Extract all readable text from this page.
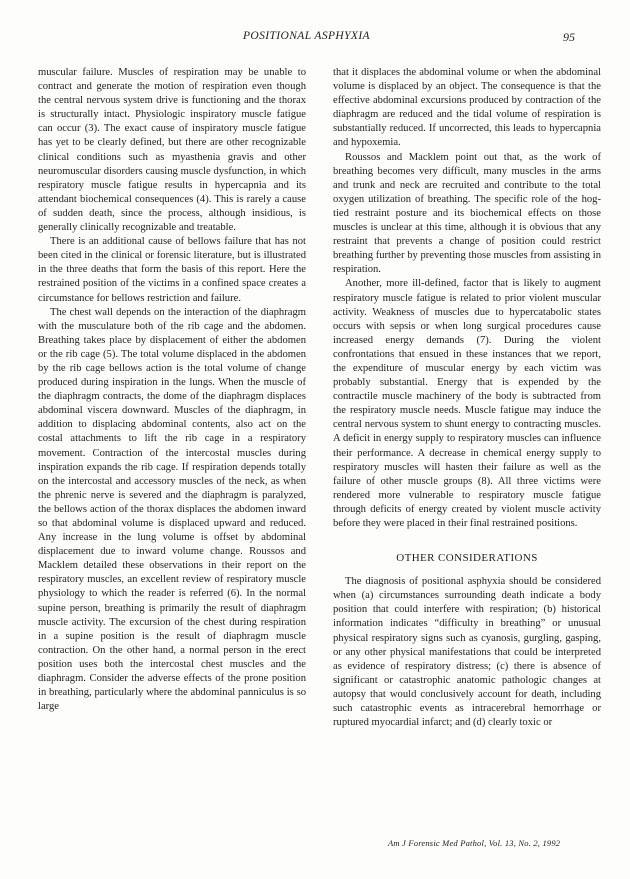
POSITIONAL ASPHYXIA	95

muscular failure. Muscles of respiration may be unable to contract and generate the motion of respiration even though the central nervous system drive is functioning and the thorax is structurally intact. Physiologic inspiratory muscle fatigue can occur (3). The exact cause of inspiratory muscle fatigue has yet to be clearly defined, but there are other recognizable clinical conditions such as myasthenia gravis and other neuromuscular disorders causing muscle dysfunction, in which respiratory muscle fatigue results in hypercapnia and its attendant biochemical consequences (4). This is rarely a cause of sudden death, since the process, although insidious, is generally clinically recognizable and treatable.

There is an additional cause of bellows failure that has not been cited in the clinical or forensic literature, but is illustrated in the three deaths that form the basis of this report. Here the restrained position of the victims in a confined space creates a circumstance for bellows restriction and failure.

The chest wall depends on the interaction of the diaphragm with the musculature both of the rib cage and the abdomen. Breathing takes place by displacement of either the abdomen or the rib cage (5). The total volume displaced in the abdomen by the rib cage bellows action is the total volume of change produced during inspiration in the lungs. When the muscle of the diaphragm contracts, the dome of the diaphragm displaces abdominal viscera downward. Muscles of the diaphragm, in addition to displacing abdominal contents, also act on the costal attachments to lift the rib cage in a respiratory movement. Contraction of the intercostal muscles during inspiration expands the rib cage. If respiration depends totally on the intercostal and accessory muscles of the neck, as when the phrenic nerve is severed and the diaphragm is paralyzed, the bellows action of the thorax displaces the abdomen inward so that abdominal volume is displaced upward and reduced. Any increase in the lung volume is offset by abdominal displacement due to inward volume change. Roussos and Macklem detailed these observations in their report on the respiratory muscles, an excellent review of respiratory muscle physiology to which the reader is referred (6). In the normal supine person, breathing is primarily the result of diaphragm muscle activity. The excursion of the chest during respiration in a supine position is the result of diaphragm muscle contraction. On the other hand, a normal person in the erect position uses both the intercostal chest muscles and the diaphragm. Consider the adverse effects of the prone position in breathing, particularly where the abdominal panniculus is so large

that it displaces the abdominal volume or when the abdominal volume is displaced by an object. The consequence is that the effective abdominal excursions produced by contraction of the diaphragm are reduced and the tidal volume of respiration is substantially reduced. If uncorrected, this leads to hypercapnia and hypoxemia.

Roussos and Macklem point out that, as the work of breathing becomes very difficult, many muscles in the arms and trunk and neck are recruited and contribute to the total oxygen utilization of breathing. The specific role of the hog-tied restraint posture and its biochemical effects on those muscles is unclear at this time, although it is obvious that any restraint that prevents a change of position could restrict breathing further by preventing those muscles from assisting in respiration.

Another, more ill-defined, factor that is likely to augment respiratory muscle fatigue is related to prior violent muscular activity. Weakness of muscles due to hypercatabolic states occurs with sepsis or when long surgical procedures cause increased energy demands (7). During the violent confrontations that ensued in these instances that we report, the expenditure of muscular energy by each victim was probably substantial. Energy that is expended by the contractile muscle machinery of the body is subtracted from the respiratory muscle needs. Muscle fatigue may induce the central nervous system to shunt energy to contracting muscles. A deficit in energy supply to respiratory muscles can influence their performance. A decrease in chemical energy supply to respiratory muscles will hasten their failure as well as the failure of other muscle groups (8). All three victims were rendered more vulnerable to respiratory muscle fatigue through deficits of energy created by violent muscle activity before they were placed in their final restrained positions.

OTHER CONSIDERATIONS

The diagnosis of positional asphyxia should be considered when (a) circumstances surrounding death indicate a body position that could interfere with respiration; (b) historical information indicates “difficulty in breathing” or unusual physical respiratory signs such as cyanosis, gurgling, gasping, or any other physical manifestations that could be interpreted as evidence of respiratory distress; (c) there is absence of significant or catastrophic anatomic pathologic changes at autopsy that would conclusively account for death, including such catastrophic events as intracerebral hemorrhage or ruptured myocardial infarct; and (d) clearly toxic or

Am J Forensic Med Pathol, Vol. 13, No. 2, 1992
